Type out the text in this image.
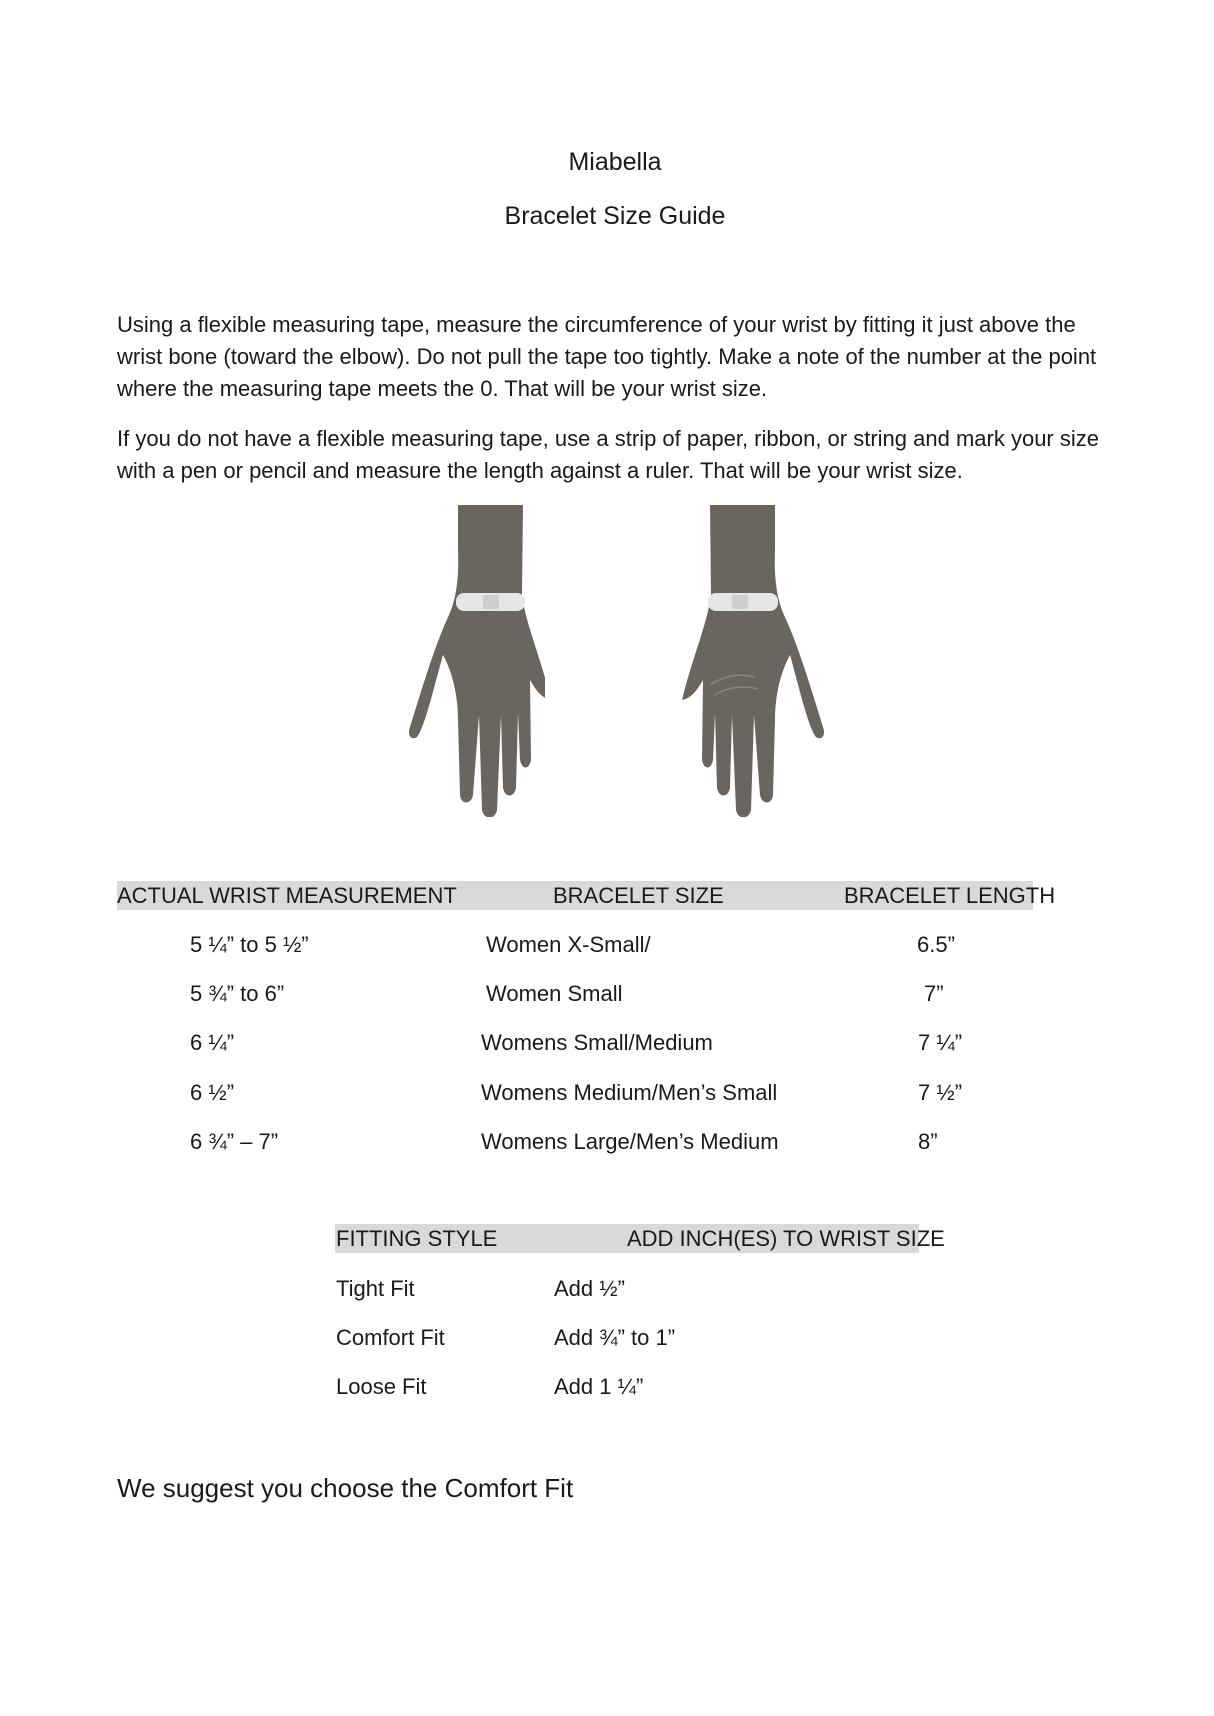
Miabella
Bracelet Size Guide
Using a flexible measuring tape, measure the circumference of your wrist by fitting it just above the wrist bone (toward the elbow). Do not pull the tape too tightly. Make a note of the number at the point where the measuring tape meets the 0. That will be your wrist size.
If you do not have a flexible measuring tape, use a strip of paper, ribbon, or string and mark your size with a pen or pencil and measure the length against a ruler. That will be your wrist size.
ACTUAL WRIST MEASUREMENT	BRACELET SIZE	BRACELET LENGTH
5 ¼” to 5 ½”	Women X-Small/	6.5”
5 ¾” to 6”	Women Small	7”
6 ¼”	Womens Small/Medium	7 ¼”
6 ½”	Womens Medium/Men’s Small	7 ½”
6 ¾” – 7”	Womens Large/Men’s Medium	8”
FITTING STYLE	ADD INCH(ES) TO WRIST SIZE
Tight Fit	Add ½”
Comfort Fit	Add ¾” to 1”
Loose Fit	Add 1 ¼”
We suggest you choose the Comfort Fit
